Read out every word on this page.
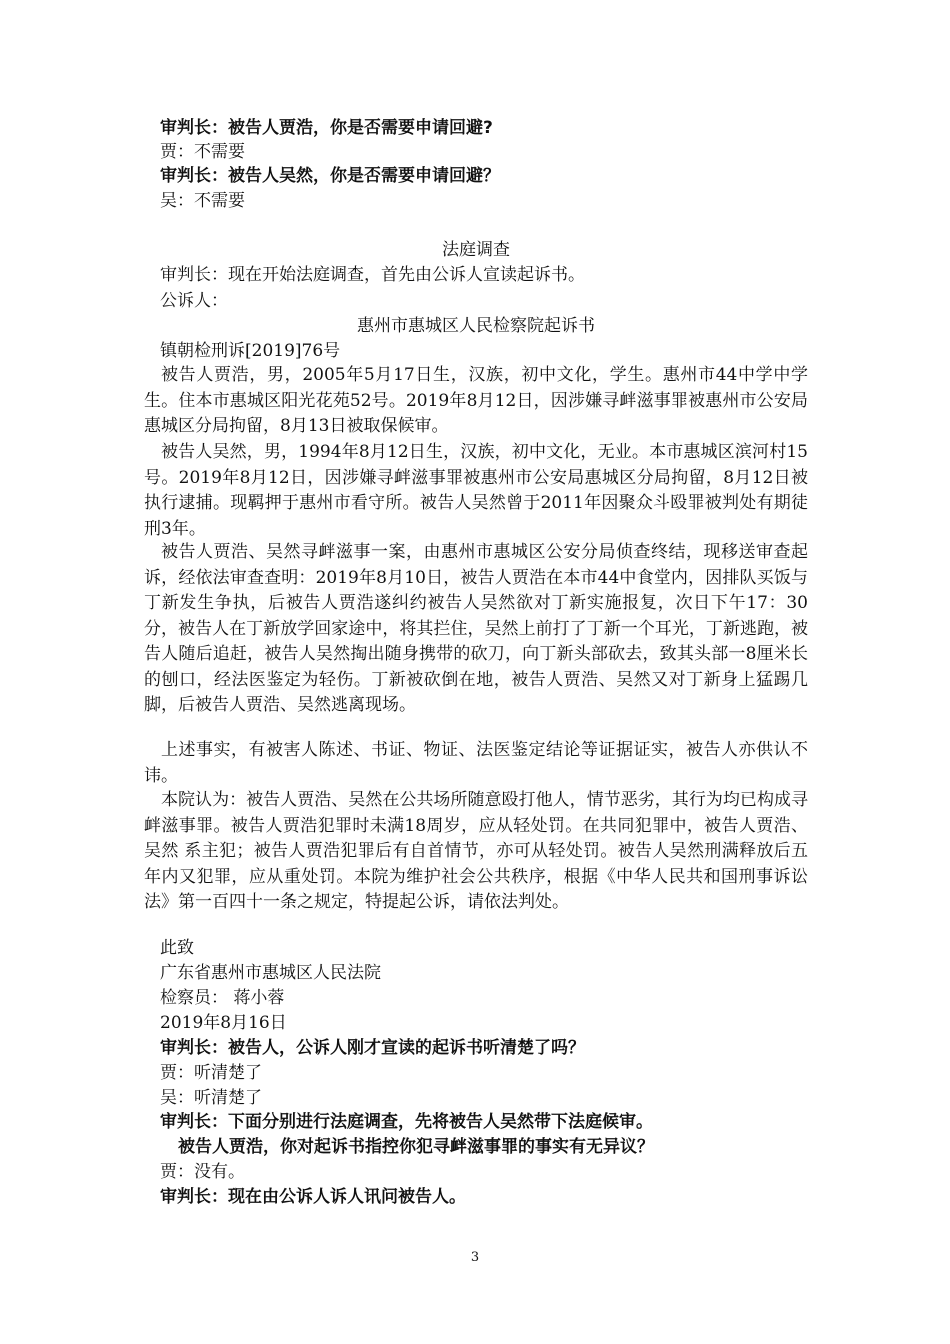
审判长：被告人贾浩，你是否需要申请回避?
贾：不需要
审判长：被告人吴然，你是否需要申请回避？
吴：不需要
法庭调查
审判长：现在开始法庭调查，首先由公诉人宣读起诉书。
公诉人：
惠州市惠城区人民检察院起诉书
镇朝检刑诉[2019]76号
被告人贾浩，男，2005年5月17日生，汉族，初中文化，学生。惠州市44中学中学生。住本市惠城区阳光花苑52号。2019年8月12日，因涉嫌寻衅滋事罪被惠州市公安局惠城区分局拘留，8月13日被取保候审。
被告人吴然，男，1994年8月12日生，汉族，初中文化，无业。本市惠城区滨河村15号。2019年8月12日，因涉嫌寻衅滋事罪被惠州市公安局惠城区分局拘留，8月12日被执行逮捕。现羁押于惠州市看守所。被告人吴然曾于2011年因聚众斗殴罪被判处有期徒刑3年。
被告人贾浩、吴然寻衅滋事一案，由惠州市惠城区公安分局侦查终结，现移送审查起诉，经依法审查查明：2019年8月10日，被告人贾浩在本市44中食堂内，因排队买饭与丁新发生争执，后被告人贾浩遂纠约被告人吴然欲对丁新实施报复，次日下午17：30分，被告人在丁新放学回家途中，将其拦住，吴然上前打了丁新一个耳光，丁新逃跑，被告人随后追赶，被告人吴然掏出随身携带的砍刀，向丁新头部砍去，致其头部一8厘米长的刨口，经法医鉴定为轻伤。丁新被砍倒在地，被告人贾浩、吴然又对丁新身上猛踢几脚，后被告人贾浩、吴然逃离现场。
上述事实，有被害人陈述、书证、物证、法医鉴定结论等证据证实，被告人亦供认不讳。
本院认为：被告人贾浩、吴然在公共场所随意殴打他人，情节恶劣，其行为均已构成寻衅滋事罪。被告人贾浩犯罪时未满18周岁，应从轻处罚。在共同犯罪中，被告人贾浩、吴然 系主犯；被告人贾浩犯罪后有自首情节，亦可从轻处罚。被告人吴然刑满释放后五年内又犯罪，应从重处罚。本院为维护社会公共秩序，根据《中华人民共和国刑事诉讼法》第一百四十一条之规定，特提起公诉，请依法判处。
此致
广东省惠州市惠城区人民法院
检察员： 蒋小蓉
2019年8月16日
审判长：被告人，公诉人刚才宣读的起诉书听清楚了吗？
贾：听清楚了
吴：听清楚了
审判长：下面分别进行法庭调查，先将被告人吴然带下法庭候审。
被告人贾浩，你对起诉书指控你犯寻衅滋事罪的事实有无异议？
贾：没有。
审判长：现在由公诉人诉人讯问被告人。
3
